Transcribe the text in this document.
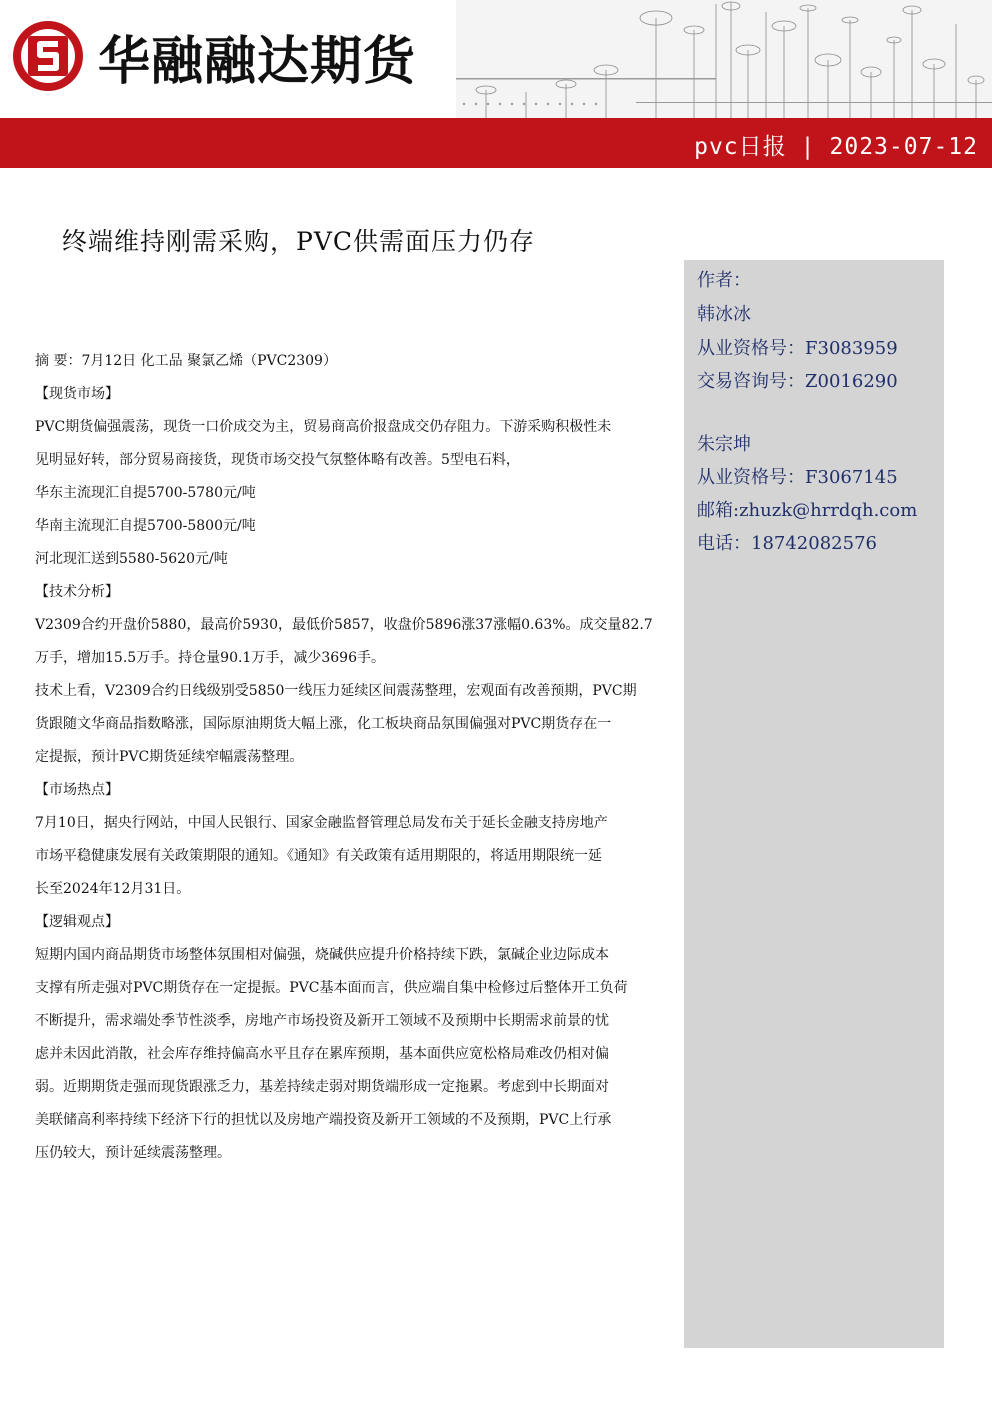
华融融达期货
pvc日报 | 2023-07-12
终端维持刚需采购，PVC供需面压力仍存
作者：
韩冰冰
从业资格号：F3083959
交易咨询号：Z0016290
朱宗坤
从业资格号：F3067145
邮箱:zhuzk@hrrdqh.com
电话：18742082576

摘 要：7月12日 化工品 聚氯乙烯（PVC2309）

【现货市场】

PVC期货偏强震荡，现货一口价成交为主，贸易商高价报盘成交仍存阻力。下游采购积极性未

见明显好转，部分贸易商接货，现货市场交投气氛整体略有改善。5型电石料，

华东主流现汇自提5700-5780元/吨

华南主流现汇自提5700-5800元/吨

河北现汇送到5580-5620元/吨

【技术分析】

V2309合约开盘价5880，最高价5930，最低价5857，收盘价5896涨37涨幅0.63%。成交量82.7

万手，增加15.5万手。持仓量90.1万手，减少3696手。

技术上看，V2309合约日线级别受5850一线压力延续区间震荡整理，宏观面有改善预期，PVC期

货跟随文华商品指数略涨，国际原油期货大幅上涨，化工板块商品氛围偏强对PVC期货存在一

定提振，预计PVC期货延续窄幅震荡整理。

【市场热点】

7月10日，据央行网站，中国人民银行、国家金融监督管理总局发布关于延长金融支持房地产

市场平稳健康发展有关政策期限的通知。《通知》有关政策有适用期限的，将适用期限统一延

长至2024年12月31日。

【逻辑观点】

短期内国内商品期货市场整体氛围相对偏强，烧碱供应提升价格持续下跌，氯碱企业边际成本

支撑有所走强对PVC期货存在一定提振。PVC基本面而言，供应端自集中检修过后整体开工负荷

不断提升，需求端处季节性淡季，房地产市场投资及新开工领域不及预期中长期需求前景的忧

虑并未因此消散，社会库存维持偏高水平且存在累库预期，基本面供应宽松格局难改仍相对偏

弱。近期期货走强而现货跟涨乏力，基差持续走弱对期货端形成一定拖累。考虑到中长期面对

美联储高利率持续下经济下行的担忧以及房地产端投资及新开工领域的不及预期，PVC上行承

压仍较大，预计延续震荡整理。
